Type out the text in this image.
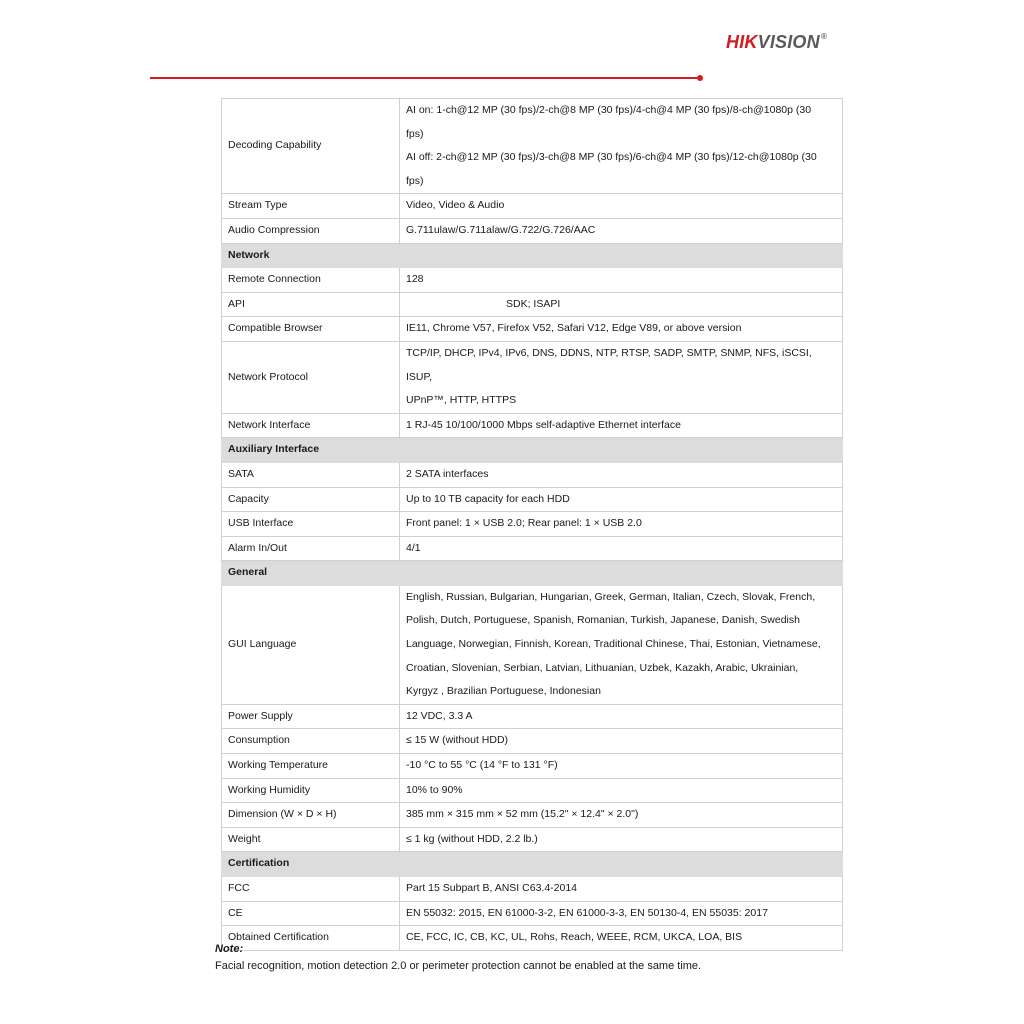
HIKVISION®
Decoding Capability	AI on: 1-ch@12 MP (30 fps)/2-ch@8 MP (30 fps)/4-ch@4 MP (30 fps)/8-ch@1080p (30
fps)
AI off: 2-ch@12 MP (30 fps)/3-ch@8 MP (30 fps)/6-ch@4 MP (30 fps)/12-ch@1080p (30
fps)

Stream Type	Video, Video & Audio
Audio Compression	G.711ulaw/G.711alaw/G.722/G.726/AAC
Network	
Remote Connection	128
API	SDK; ISAPI
Compatible Browser	IE11, Chrome V57, Firefox V52, Safari V12, Edge V89, or above version
Network Protocol	TCP/IP, DHCP, IPv4, IPv6, DNS, DDNS, NTP, RTSP, SADP, SMTP, SNMP, NFS, iSCSI, ISUP,
UPnP™, HTTP, HTTPS

Network Interface	1 RJ-45 10/100/1000 Mbps self-adaptive Ethernet interface
Auxiliary Interface	
SATA	2 SATA interfaces
Capacity	Up to 10 TB capacity for each HDD
USB Interface	Front panel: 1 × USB 2.0; Rear panel: 1 × USB 2.0
Alarm In/Out	4/1
General	
GUI Language	English, Russian, Bulgarian, Hungarian, Greek, German, Italian, Czech, Slovak, French,
Polish, Dutch, Portuguese, Spanish, Romanian, Turkish, Japanese, Danish, Swedish
Language, Norwegian, Finnish, Korean, Traditional Chinese, Thai, Estonian, Vietnamese,
Croatian, Slovenian, Serbian, Latvian, Lithuanian, Uzbek, Kazakh, Arabic, Ukrainian,
Kyrgyz , Brazilian Portuguese, Indonesian

Power Supply	12 VDC, 3.3 A
Consumption	≤ 15 W (without HDD)
Working Temperature	-10 °C to 55 °C (14 °F to 131 °F)
Working Humidity	10% to 90%
Dimension (W × D × H)	385 mm × 315 mm × 52 mm (15.2" × 12.4" × 2.0")
Weight	≤ 1 kg (without HDD, 2.2 lb.)
Certification	
FCC	Part 15 Subpart B, ANSI C63.4-2014
CE	EN 55032: 2015, EN 61000-3-2, EN 61000-3-3, EN 50130-4, EN 55035: 2017
Obtained Certification	CE, FCC, IC, CB, KC, UL, Rohs, Reach, WEEE, RCM, UKCA, LOA, BIS
Note:
Facial recognition, motion detection 2.0 or perimeter protection cannot be enabled at the same time.
